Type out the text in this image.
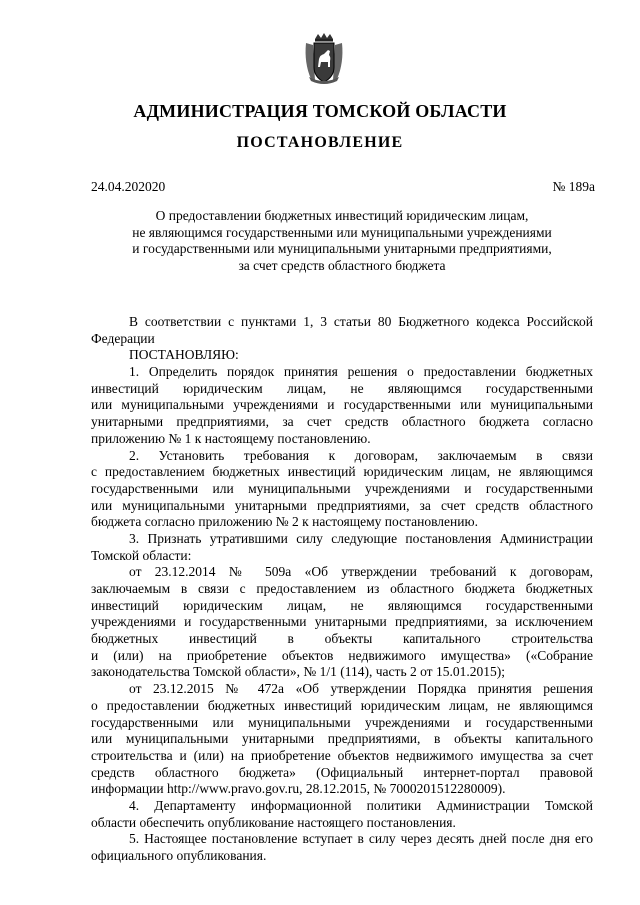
АДМИНИСТРАЦИЯ ТОМСКОЙ ОБЛАСТИ
ПОСТАНОВЛЕНИЕ
24.04.202020	№ 189а
О предоставлении бюджетных инвестиций юридическим лицам,
не являющимся государственными или муниципальными учреждениями
и государственными или муниципальными унитарными предприятиями,
за счет средств областного бюджета
В соответствии с пунктами 1, 3 статьи 80 Бюджетного кодекса Российской
Федерации
ПОСТАНОВЛЯЮ:
1. Определить порядок принятия решения о предоставлении бюджетных
инвестиций юридическим лицам, не являющимся государственными
или муниципальными учреждениями и государственными или муниципальными
унитарными предприятиями, за счет средств областного бюджета согласно
приложению № 1 к настоящему постановлению.
2. Установить требования к договорам, заключаемым в связи
с предоставлением бюджетных инвестиций юридическим лицам, не являющимся
государственными или муниципальными учреждениями и государственными
или муниципальными унитарными предприятиями, за счет средств областного
бюджета согласно приложению № 2 к настоящему постановлению.
3. Признать утратившими силу следующие постановления Администрации
Томской области:
от 23.12.2014 № 509а «Об утверждении требований к договорам,
заключаемым в связи с предоставлением из областного бюджета бюджетных
инвестиций юридическим лицам, не являющимся государственными
учреждениями и государственными унитарными предприятиями, за исключением
бюджетных инвестиций в объекты капитального строительства
и (или) на приобретение объектов недвижимого имущества» («Собрание
законодательства Томской области», № 1/1 (114), часть 2 от 15.01.2015);
от 23.12.2015 № 472а «Об утверждении Порядка принятия решения
о предоставлении бюджетных инвестиций юридическим лицам, не являющимся
государственными или муниципальными учреждениями и государственными
или муниципальными унитарными предприятиями, в объекты капитального
строительства и (или) на приобретение объектов недвижимого имущества за счет
средств областного бюджета» (Официальный интернет-портал правовой
информации http://www.pravo.gov.ru, 28.12.2015, № 7000201512280009).
4. Департаменту информационной политики Администрации Томской
области обеспечить опубликование настоящего постановления.
5. Настоящее постановление вступает в силу через десять дней после дня его
официального опубликования.
